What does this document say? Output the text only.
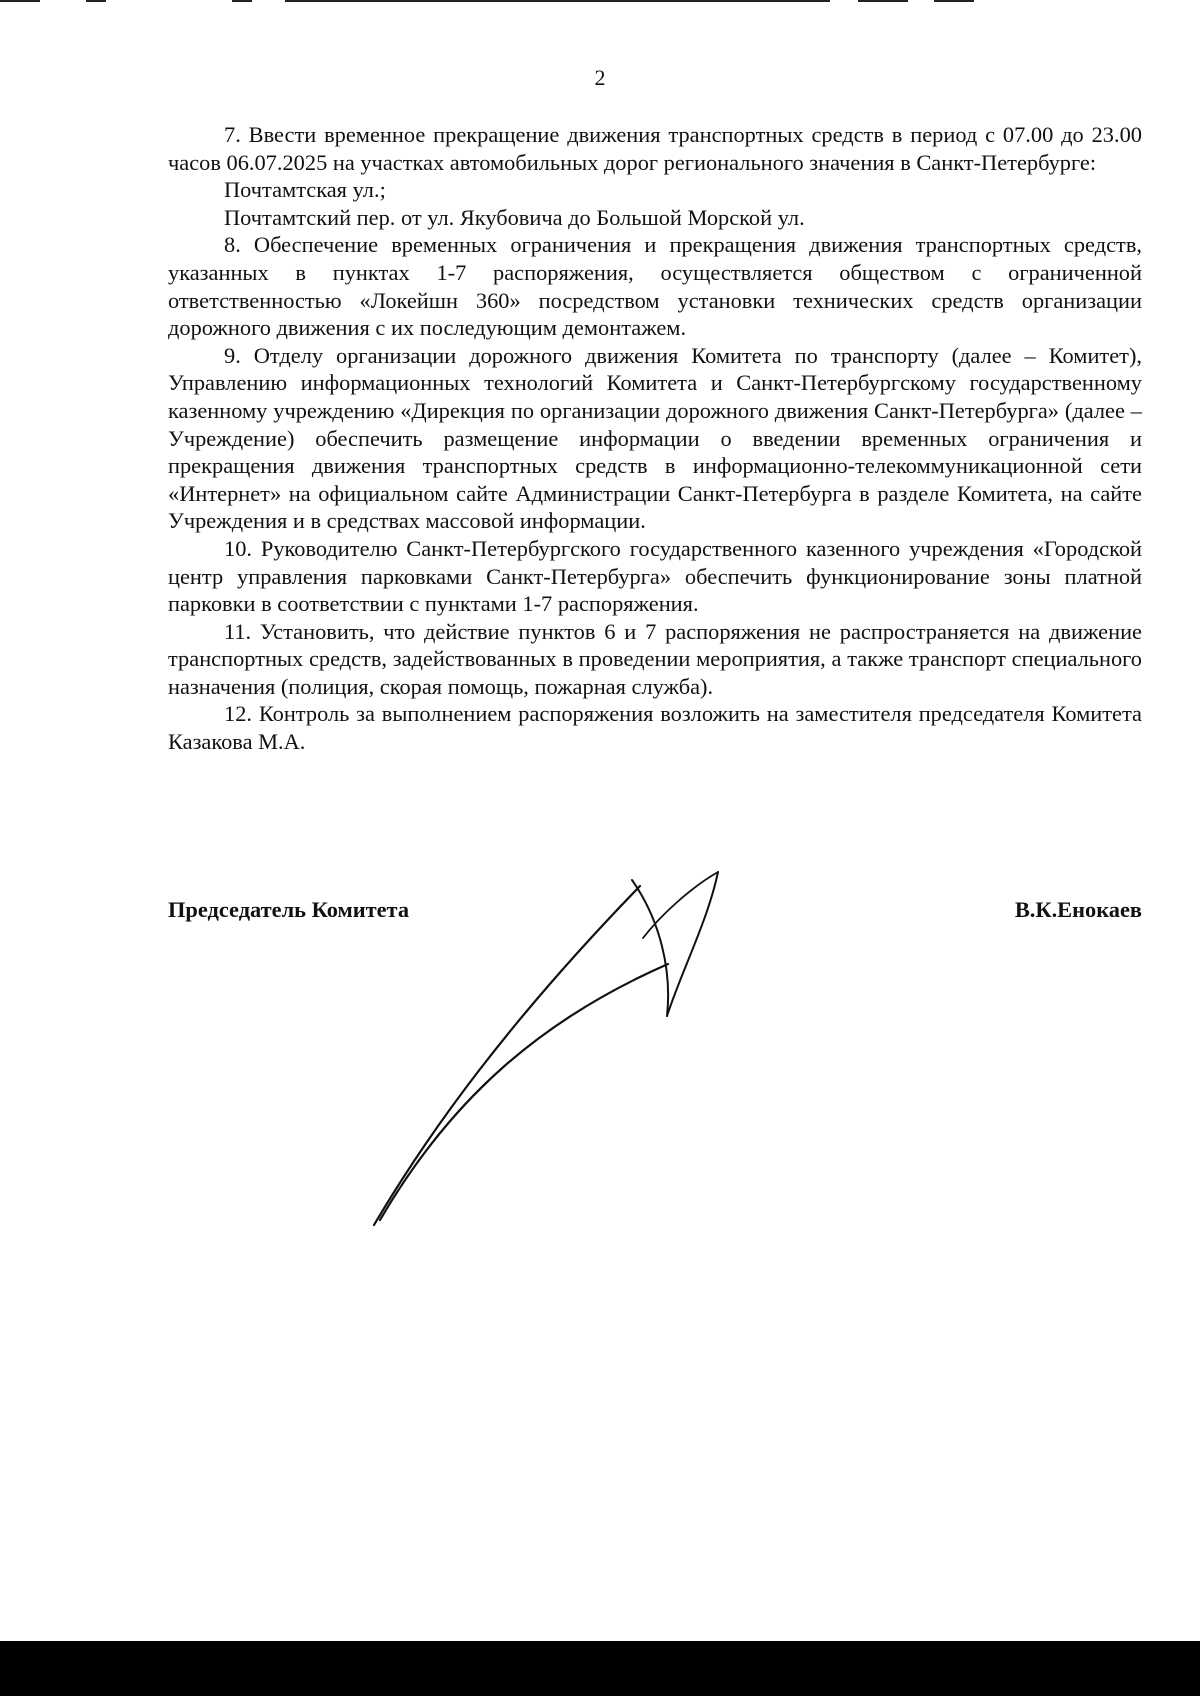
2

7. Ввести временное прекращение движения транспортных средств в период с 07.00 до 23.00 часов 06.07.2025 на участках автомобильных дорог регионального значения в Санкт-Петербурге:

Почтамтская ул.;

Почтамтский пер. от ул. Якубовича до Большой Морской ул.

8. Обеспечение временных ограничения и прекращения движения транспортных средств, указанных в пунктах 1-7 распоряжения, осуществляется обществом с ограниченной ответственностью «Локейшн 360» посредством установки технических средств организации дорожного движения с их последующим демонтажем.

9. Отделу организации дорожного движения Комитета по транспорту (далее – Комитет), Управлению информационных технологий Комитета и Санкт-Петербургскому государственному казенному учреждению «Дирекция по организации дорожного движения Санкт-Петербурга» (далее – Учреждение) обеспечить размещение информации о введении временных ограничения и прекращения движения транспортных средств в информационно-телекоммуникационной сети «Интернет» на официальном сайте Администрации Санкт-Петербурга в разделе Комитета, на сайте Учреждения и в средствах массовой информации.

10. Руководителю Санкт-Петербургского государственного казенного учреждения «Городской центр управления парковками Санкт-Петербурга» обеспечить функционирование зоны платной парковки в соответствии с пунктами 1-7 распоряжения.

11. Установить, что действие пунктов 6 и 7 распоряжения не распространяется на движение транспортных средств, задействованных в проведении мероприятия, а также транспорт специального назначения (полиция, скорая помощь, пожарная служба).

12. Контроль за выполнением распоряжения возложить на заместителя председателя Комитета Казакова М.А.

Председатель Комитета	В.К.Енокаев
